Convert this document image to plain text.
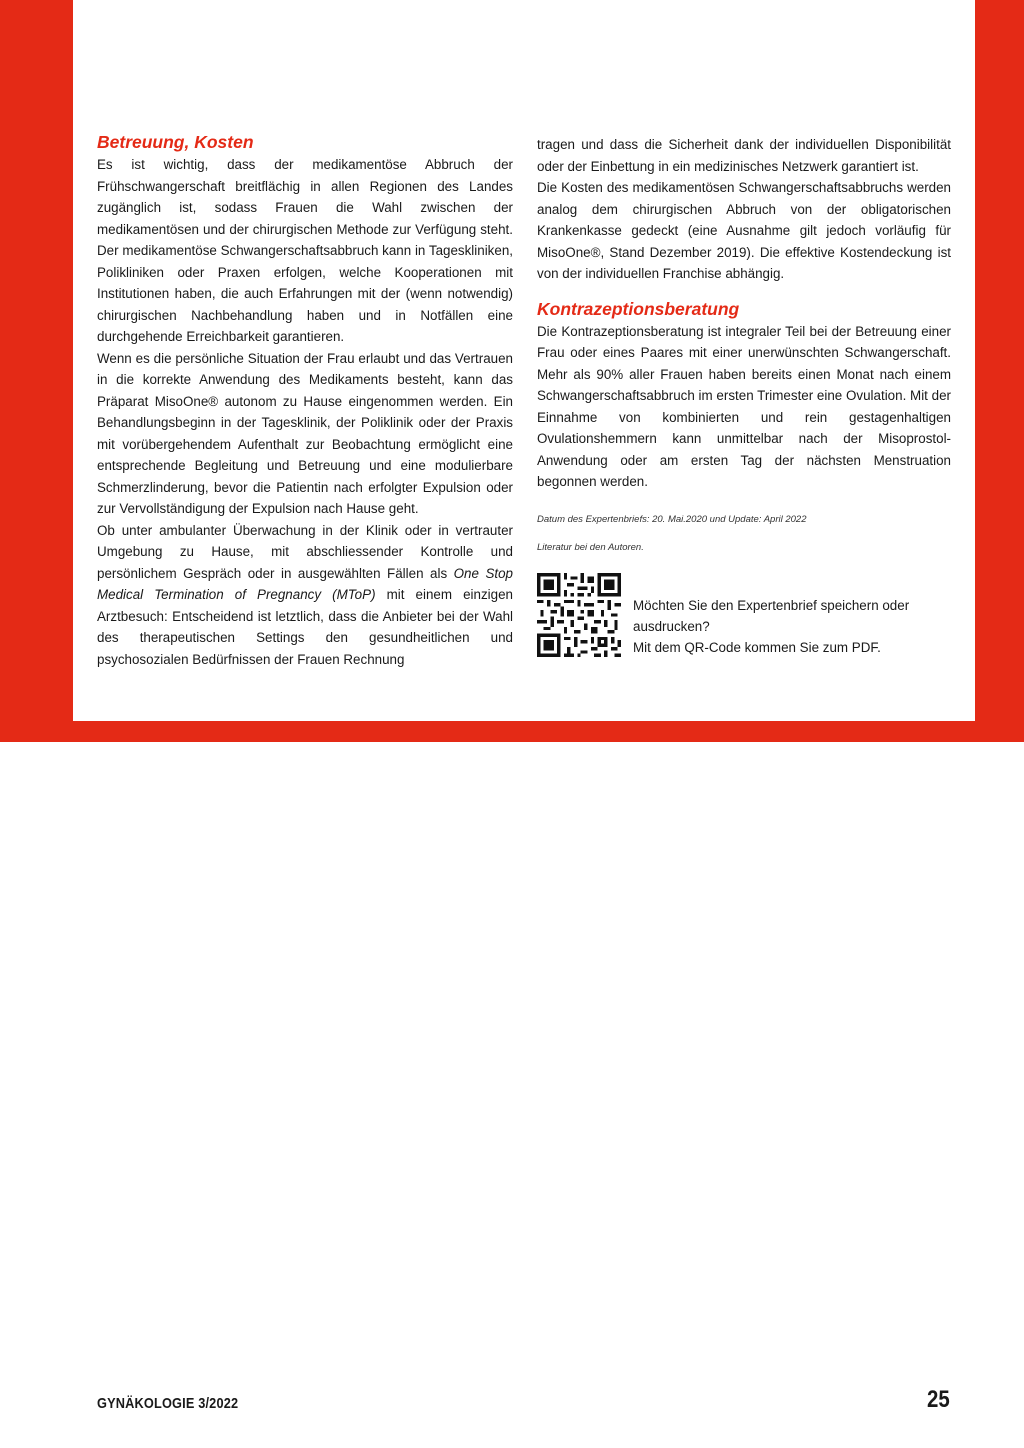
Betreuung, Kosten

Es ist wichtig, dass der medikamentöse Abbruch der Frühschwangerschaft breitflächig in allen Regionen des Landes zugänglich ist, sodass Frauen die Wahl zwischen der medikamentösen und der chirurgischen Methode zur Verfügung steht. Der medikamentöse Schwangerschaftsabbruch kann in Tageskliniken, Polikliniken oder Praxen erfolgen, welche Kooperationen mit Institutionen haben, die auch Erfahrungen mit der (wenn notwendig) chirurgischen Nachbehandlung haben und in Notfällen eine durchgehende Erreichbarkeit garantieren.

Wenn es die persönliche Situation der Frau erlaubt und das Vertrauen in die korrekte Anwendung des Medikaments besteht, kann das Präparat MisoOne® autonom zu Hause eingenommen werden. Ein Behandlungsbeginn in der Tagesklinik, der Poliklinik oder der Praxis mit vorübergehendem Aufenthalt zur Beobachtung ermöglicht eine entsprechende Begleitung und Betreuung und eine modulierbare Schmerzlinderung, bevor die Patientin nach erfolgter Expulsion oder zur Vervollständigung der Expulsion nach Hause geht.

Ob unter ambulanter Überwachung in der Klinik oder in vertrauter Umgebung zu Hause, mit abschliessender Kontrolle und persönlichem Gespräch oder in ausgewählten Fällen als One Stop Medical Termination of Pregnancy (MToP) mit einem einzigen Arztbesuch: Entscheidend ist letztlich, dass die Anbieter bei der Wahl des therapeutischen Settings den gesundheitlichen und psychosozialen Bedürfnissen der Frauen Rechnung

tragen und dass die Sicherheit dank der individuellen Disponibilität oder der Einbettung in ein medizinisches Netzwerk garantiert ist.

Die Kosten des medikamentösen Schwangerschaftsabbruchs werden analog dem chirurgischen Abbruch von der obligatorischen Krankenkasse gedeckt (eine Ausnahme gilt jedoch vorläufig für MisoOne®, Stand Dezember 2019). Die effektive Kostendeckung ist von der individuellen Franchise abhängig.

Kontrazeptionsberatung

Die Kontrazeptionsberatung ist integraler Teil bei der Betreuung einer Frau oder eines Paares mit einer unerwünschten Schwangerschaft. Mehr als 90% aller Frauen haben bereits einen Monat nach einem Schwangerschaftsabbruch im ersten Trimester eine Ovulation. Mit der Einnahme von kombinierten und rein gestagenhaltigen Ovulationshemmern kann unmittelbar nach der Misoprostol-Anwendung oder am ersten Tag der nächsten Menstruation begonnen werden.

Datum des Expertenbriefs: 20. Mai.2020 und Update: April 2022

Literatur bei den Autoren.

Möchten Sie den Expertenbrief speichern oder
ausdrucken?
Mit dem QR-Code kommen Sie zum PDF.
GYNÄKOLOGIE 3/2022	25
